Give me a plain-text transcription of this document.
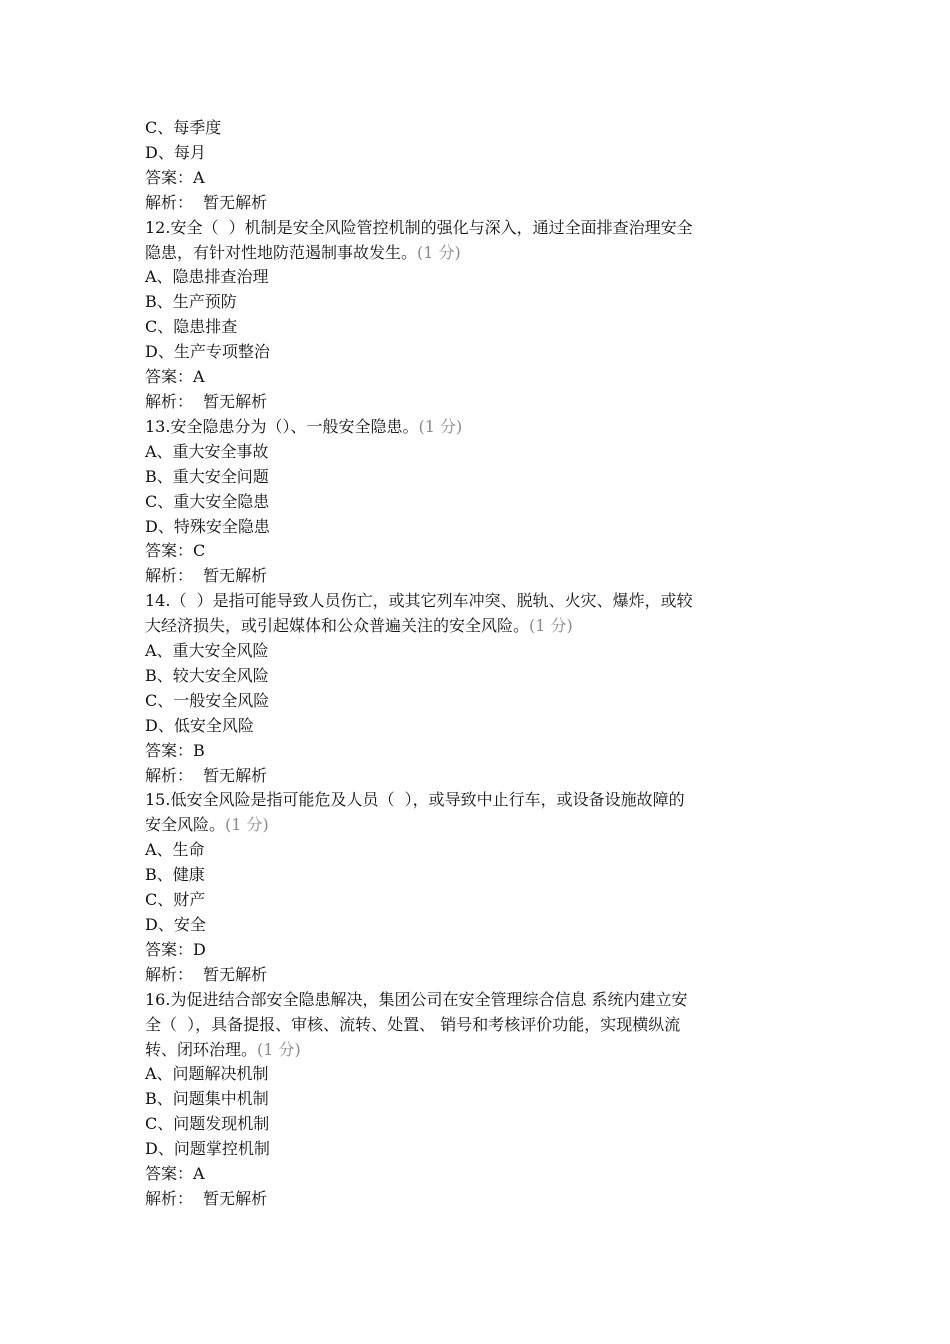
C、每季度

D、每月

答案：A

解析：  暂无解析

12.安全（  ）机制是安全风险管控机制的强化与深入，通过全面排查治理安全

隐患，有针对性地防范遏制事故发生。(1 分)

A、隐患排查治理

B、生产预防

C、隐患排查

D、生产专项整治

答案：A

解析：  暂无解析

13.安全隐患分为（）、一般安全隐患。(1 分)

A、重大安全事故

B、重大安全问题

C、重大安全隐患

D、特殊安全隐患

答案：C

解析：  暂无解析

14.（  ）是指可能导致人员伤亡，或其它列车冲突、脱轨、火灾、爆炸，或较

大经济损失，或引起媒体和公众普遍关注的安全风险。(1 分)

A、重大安全风险

B、较大安全风险

C、一般安全风险

D、低安全风险

答案：B

解析：  暂无解析

15.低安全风险是指可能危及人员（  ），或导致中止行车，或设备设施故障的

安全风险。(1 分)

A、生命

B、健康

C、财产

D、安全

答案：D

解析：  暂无解析

16.为促进结合部安全隐患解决，集团公司在安全管理综合信息 系统内建立安

全（  ），具备提报、审核、流转、处置、 销号和考核评价功能，实现横纵流

转、闭环治理。(1 分)

A、问题解决机制

B、问题集中机制

C、问题发现机制

D、问题掌控机制

答案：A

解析：  暂无解析
